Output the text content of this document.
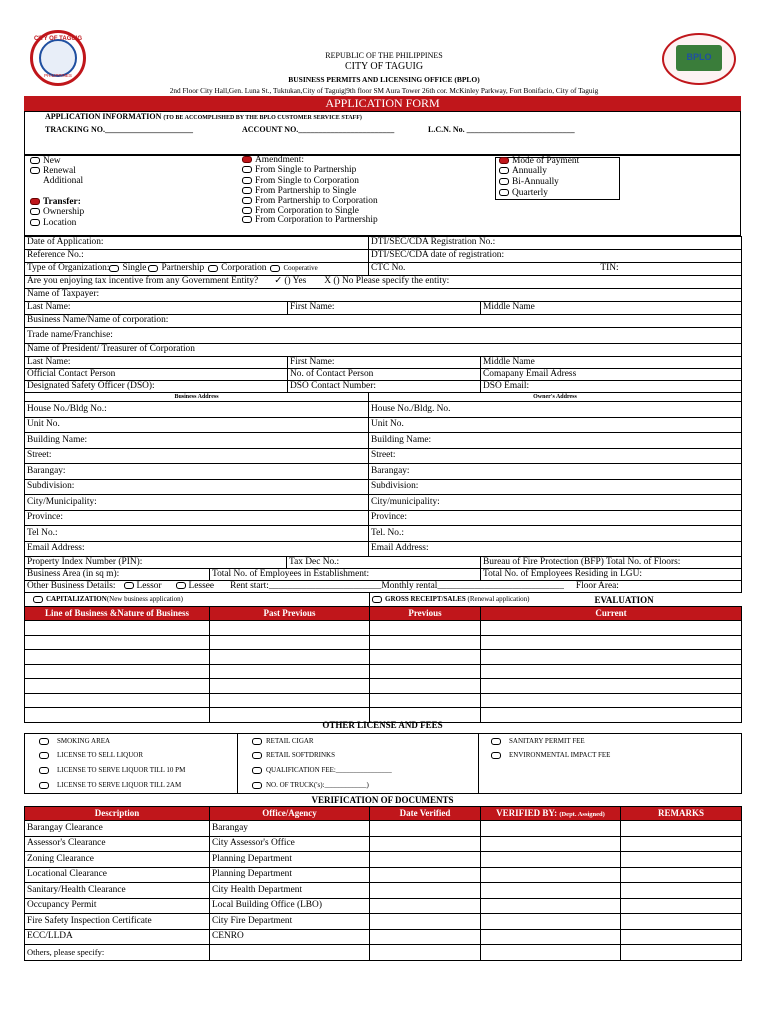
CITY OF TAGUIG
PHILIPPINES
BPLO
REPUBLIC OF THE PHILIPPINES
CITY OF TAGUIG
BUSINESS PERMITS AND LICENSING OFFICE (BPLO)
2nd Floor City Hall,Gen. Luna St., Tuktukan,City of Taguig|9th floor SM Aura Tower 26th cor. McKinley Parkway, Fort Bonifacio, City of Taguig
APPLICATION FORM
APPLICATION INFORMATION (TO BE ACCOMPLISHED BY THE BPLO CUSTOMER SERVICE STAFF)
TRACKING NO.______________________	ACCOUNT NO.________________________	L.C.N. No. ___________________________
New
Renewal
Additional
Transfer:
Ownership
Location
Amendment:
From Single to Partnership
From Single to Corporation
From Partnership to Single
From Partnership to Corporation
From Corporation to Single
From Corporation to Partnership
Mode of Payment
Annually
Bi-Annually
Quarterly
Date of Application:		DTI/SEC/CDA Registration No.:	
Reference No.:		DTI/SEC/CDA date of registration:	
Type of Organization: Single Partnership Corporation Cooperative		CTC No. TIN:	
Are you enjoying tax incentive from any Government Entity? ✓ () Yes X () No Please specify the entity:			
Name of Taxpayer:			
Last Name:	First Name:		Middle Name
Business Name/Name of corporation:			
Trade name/Franchise:			
Name of President/ Treasurer of Corporation			
Last Name:	First Name:		Middle Name
Official Contact Person	No. of Contact Person		Comapany Email Adress
Designated Safety Officer (DSO):	DSO Contact Number:		DSO Email:
Business Address	Owner's Address
House No./Bldg No.:	House No./Bldg. No.
Unit No.	Unit No.
Building Name:	Building Name:
Street:	Street:
Barangay:	Barangay:
Subdivision:	Subdivision:
City/Municipality:	City/municipality:
Province:	Province:
Tel No.:	Tel. No.:
Email Address:	Email Address:
Property Index Number (PIN):		Tax Dec No.:	Bureau of Fire Protection (BFP) Total No. of Floors:
Business Area (in sq m):	Total No. of Employees in Establishment:		Total No. of Employees Residing in LGU:
Other Business Details: Lessor Lessee Rent start:________________________Monthly rental___________________________ Floor Area:			
CAPITALIZATION(New business application)		GROSS RECEIPT/SALES (Renewal application) EVALUATION	

Line of Business &Nature of Business	Past Previous	Previous	Current

OTHER LICENSE AND FEES
SMOKING AREA	RETAIL CIGAR	SANITARY PERMIT FEE
LICENSE TO SELL LIQUOR	RETAIL SOFTDRINKS	ENVIRONMENTAL IMPACT FEE
LICENSE TO SERVE LIQUOR TILL 10 PM	QUALIFICATION FEE:________________	
LICENSE TO SERVE LIQUOR TILL 2AM	NO. OF TRUCK('s):____________)	
VERIFICATION OF DOCUMENTS
Description	Office/Agency	Date Verified	VERIFIED BY: (Dept. Assigned)	REMARKS
Barangay Clearance	Barangay			
Assessor's Clearance	City Assessor's Office			
Zoning Clearance	Planning Department			
Locational Clearance	Planning Department			
Sanitary/Health Clearance	City Health Department			
Occupancy Permit	Local Building Office (LBO)			
Fire Safety Inspection Certificate	City Fire Department			
ECC/LLDA	CENRO			
Others, please specify:				
